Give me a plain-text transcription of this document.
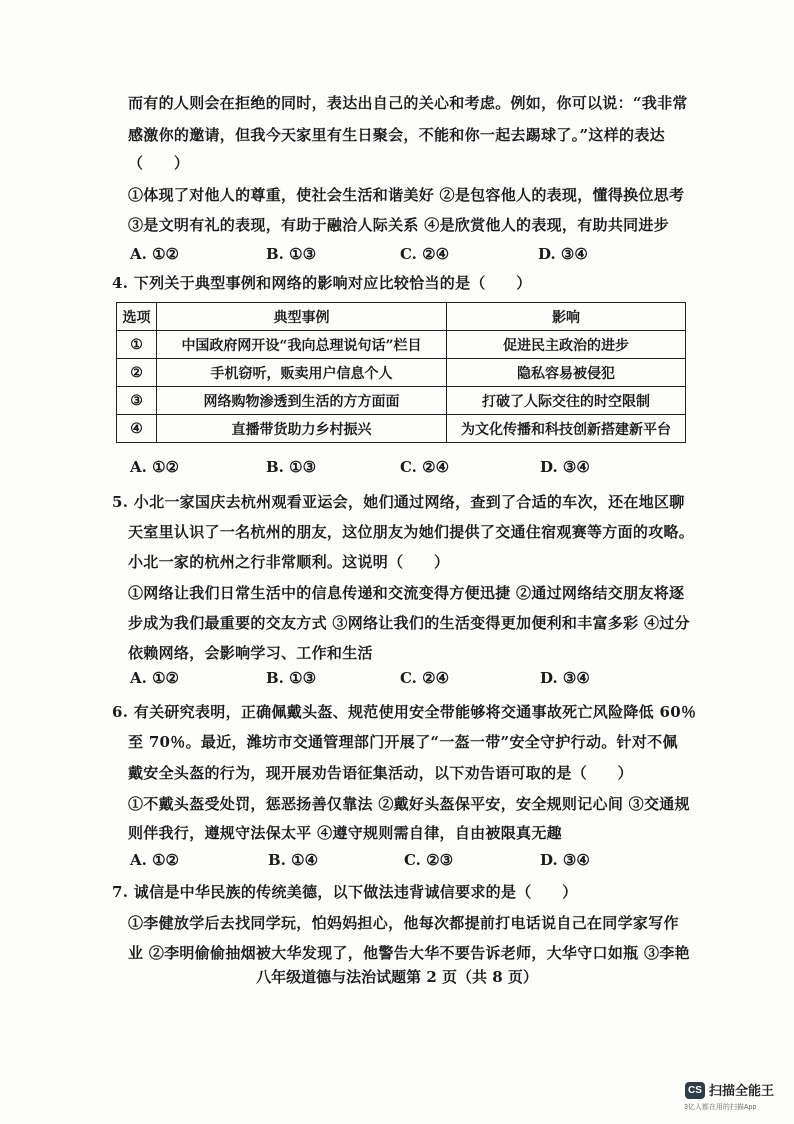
而有的人则会在拒绝的同时，表达出自己的关心和考虑。例如，你可以说：“我非常
感激你的邀请，但我今天家里有生日聚会，不能和你一起去踢球了。”这样的表达
（　　）
①体现了对他人的尊重，使社会生活和谐美好 ②是包容他人的表现，懂得换位思考
③是文明有礼的表现，有助于融洽人际关系 ④是欣赏他人的表现，有助共同进步
A. ①②	B. ①③	C. ②④	D. ③④
4. 下列关于典型事例和网络的影响对应比较恰当的是（　　）
选项	典型事例	影响
①	中国政府网开设“我向总理说句话”栏目	促进民主政治的进步
②	手机窃听，贩卖用户信息个人	隐私容易被侵犯
③	网络购物渗透到生活的方方面面	打破了人际交往的时空限制
④	直播带货助力乡村振兴	为文化传播和科技创新搭建新平台
A. ①②	B. ①③	C. ②④	D. ③④
5. 小北一家国庆去杭州观看亚运会，她们通过网络，查到了合适的车次，还在地区聊
天室里认识了一名杭州的朋友，这位朋友为她们提供了交通住宿观赛等方面的攻略。
小北一家的杭州之行非常顺利。这说明（　　）
①网络让我们日常生活中的信息传递和交流变得方便迅捷 ②通过网络结交朋友将逐
步成为我们最重要的交友方式 ③网络让我们的生活变得更加便利和丰富多彩 ④过分
依赖网络，会影响学习、工作和生活
A. ①②	B. ①③	C. ②④	D. ③④
6. 有关研究表明，正确佩戴头盔、规范使用安全带能够将交通事故死亡风险降低 60％
至 70％。最近，潍坊市交通管理部门开展了“一盔一带”安全守护行动。针对不佩
戴安全头盔的行为，现开展劝告语征集活动，以下劝告语可取的是（　　）
①不戴头盔受处罚，惩恶扬善仅靠法 ②戴好头盔保平安，安全规则记心间 ③交通规
则伴我行，遵规守法保太平 ④遵守规则需自律，自由被限真无趣
A. ①②	B. ①④	C. ②③	D. ③④
7. 诚信是中华民族的传统美德，以下做法违背诚信要求的是（　　）
①李健放学后去找同学玩，怕妈妈担心，他每次都提前打电话说自己在同学家写作
业 ②李明偷偷抽烟被大华发现了，他警告大华不要告诉老师，大华守口如瓶 ③李艳
八年级道德与法治试题第 2 页（共 8 页）
CS 扫描全能王
3亿人都在用的扫描App
